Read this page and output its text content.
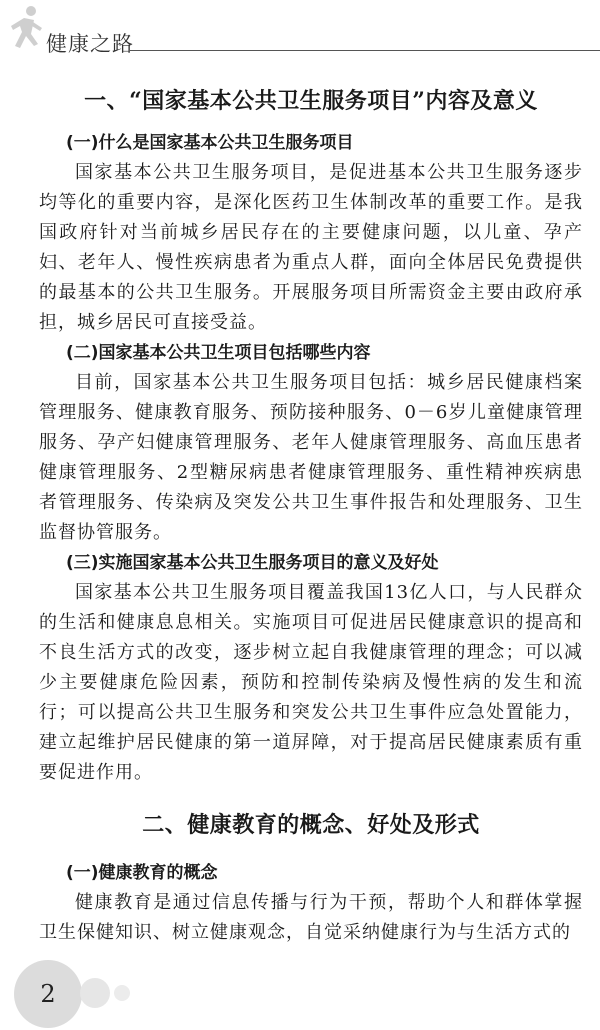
健康之路
一、“国家基本公共卫生服务项目”内容及意义
(一)什么是国家基本公共卫生服务项目

国家基本公共卫生服务项目，是促进基本公共卫生服务逐步均等化的重要内容，是深化医药卫生体制改革的重要工作。是我国政府针对当前城乡居民存在的主要健康问题，以儿童、孕产妇、老年人、慢性疾病患者为重点人群，面向全体居民免费提供的最基本的公共卫生服务。开展服务项目所需资金主要由政府承担，城乡居民可直接受益。

(二)国家基本公共卫生项目包括哪些内容

目前，国家基本公共卫生服务项目包括：城乡居民健康档案管理服务、健康教育服务、预防接种服务、0－6岁儿童健康管理服务、孕产妇健康管理服务、老年人健康管理服务、高血压患者健康管理服务、2型糖尿病患者健康管理服务、重性精神疾病患者管理服务、传染病及突发公共卫生事件报告和处理服务、卫生监督协管服务。

(三)实施国家基本公共卫生服务项目的意义及好处

国家基本公共卫生服务项目覆盖我国13亿人口，与人民群众的生活和健康息息相关。实施项目可促进居民健康意识的提高和不良生活方式的改变，逐步树立起自我健康管理的理念；可以减少主要健康危险因素，预防和控制传染病及慢性病的发生和流行；可以提高公共卫生服务和突发公共卫生事件应急处置能力，建立起维护居民健康的第一道屏障，对于提高居民健康素质有重要促进作用。

二、健康教育的概念、好处及形式
(一)健康教育的概念

健康教育是通过信息传播与行为干预，帮助个人和群体掌握卫生保健知识、树立健康观念，自觉采纳健康行为与生活方式的

2
